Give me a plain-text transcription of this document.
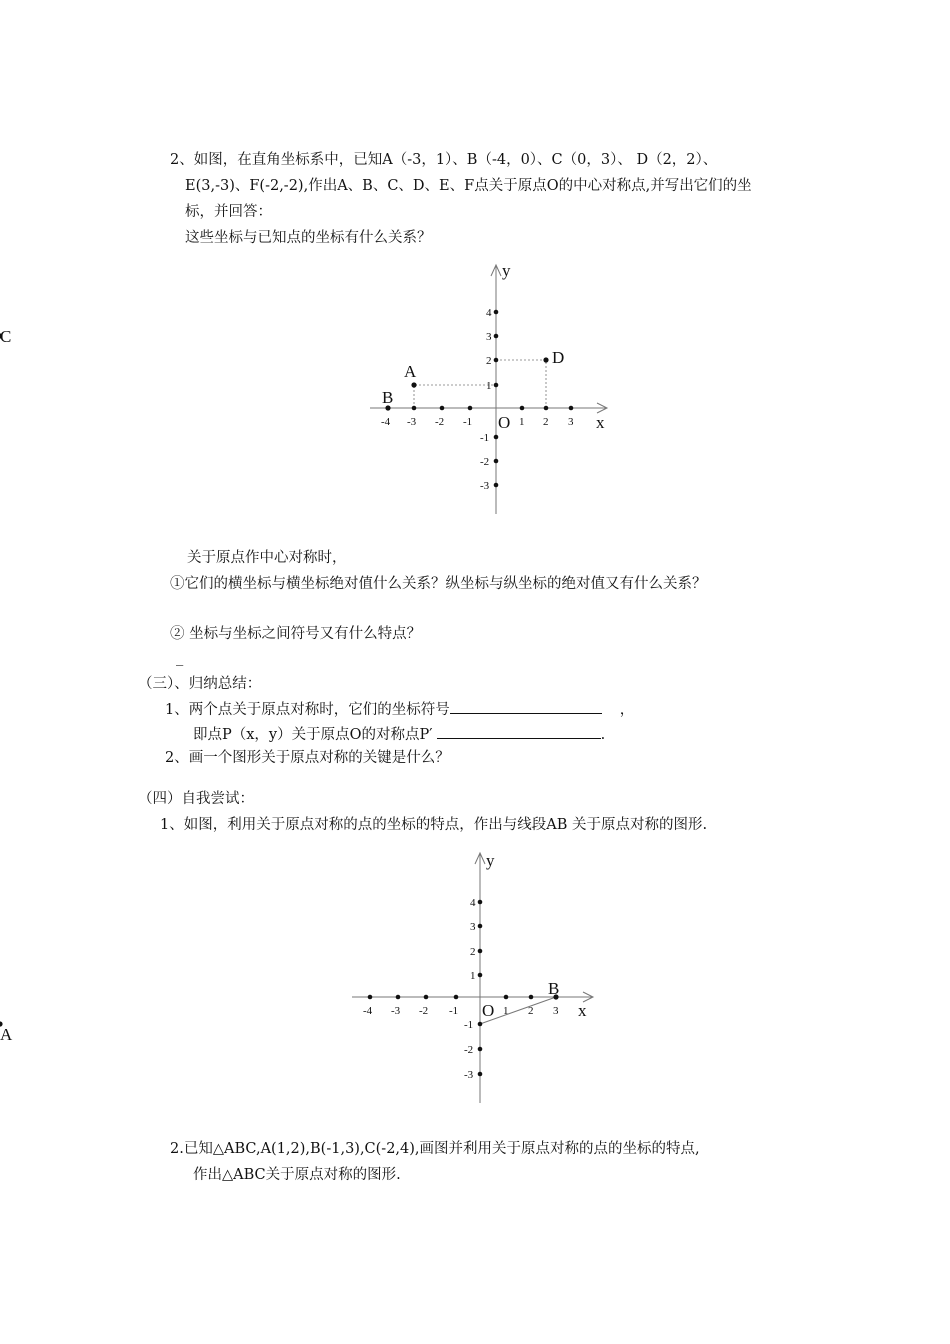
2、如图，在直角坐标系中，已知A（-3，1）、B（-4，0）、C（0，3）、 D（2，2）、
E(3,-3)、F(-2,-2),作出A、B、C、D、E、F点关于原点O的中心对称点,并写出它们的坐
标，并回答：
这些坐标与已知点的坐标有什么关系？
-4 -3 -2 -1	1 2 3
4
3
2
1
-1
-2
-3
A
B
C
D
y
x
O
关于原点作中心对称时，
①它们的横坐标与横坐标绝对值什么关系？纵坐标与纵坐标的绝对值又有什么关系？
② 坐标与坐标之间符号又有什么特点？
_
（三）、归纳总结：
1、两个点关于原点对称时，它们的坐标符号	，
即点P（x，y）关于原点O的对称点P′	.
2、画一个图形关于原点对称的关键是什么？
（四）自我尝试：
1、如图，利用关于原点对称的点的坐标的特点，作出与线段AB 关于原点对称的图形.
-4 -3 -2 -1	1 2 3
4
3
2
1
-1
-2
-3
A
B
y
x
O
2.已知△ABC,A(1,2),B(-1,3),C(-2,4),画图并利用关于原点对称的点的坐标的特点,
作出△ABC关于原点对称的图形.
